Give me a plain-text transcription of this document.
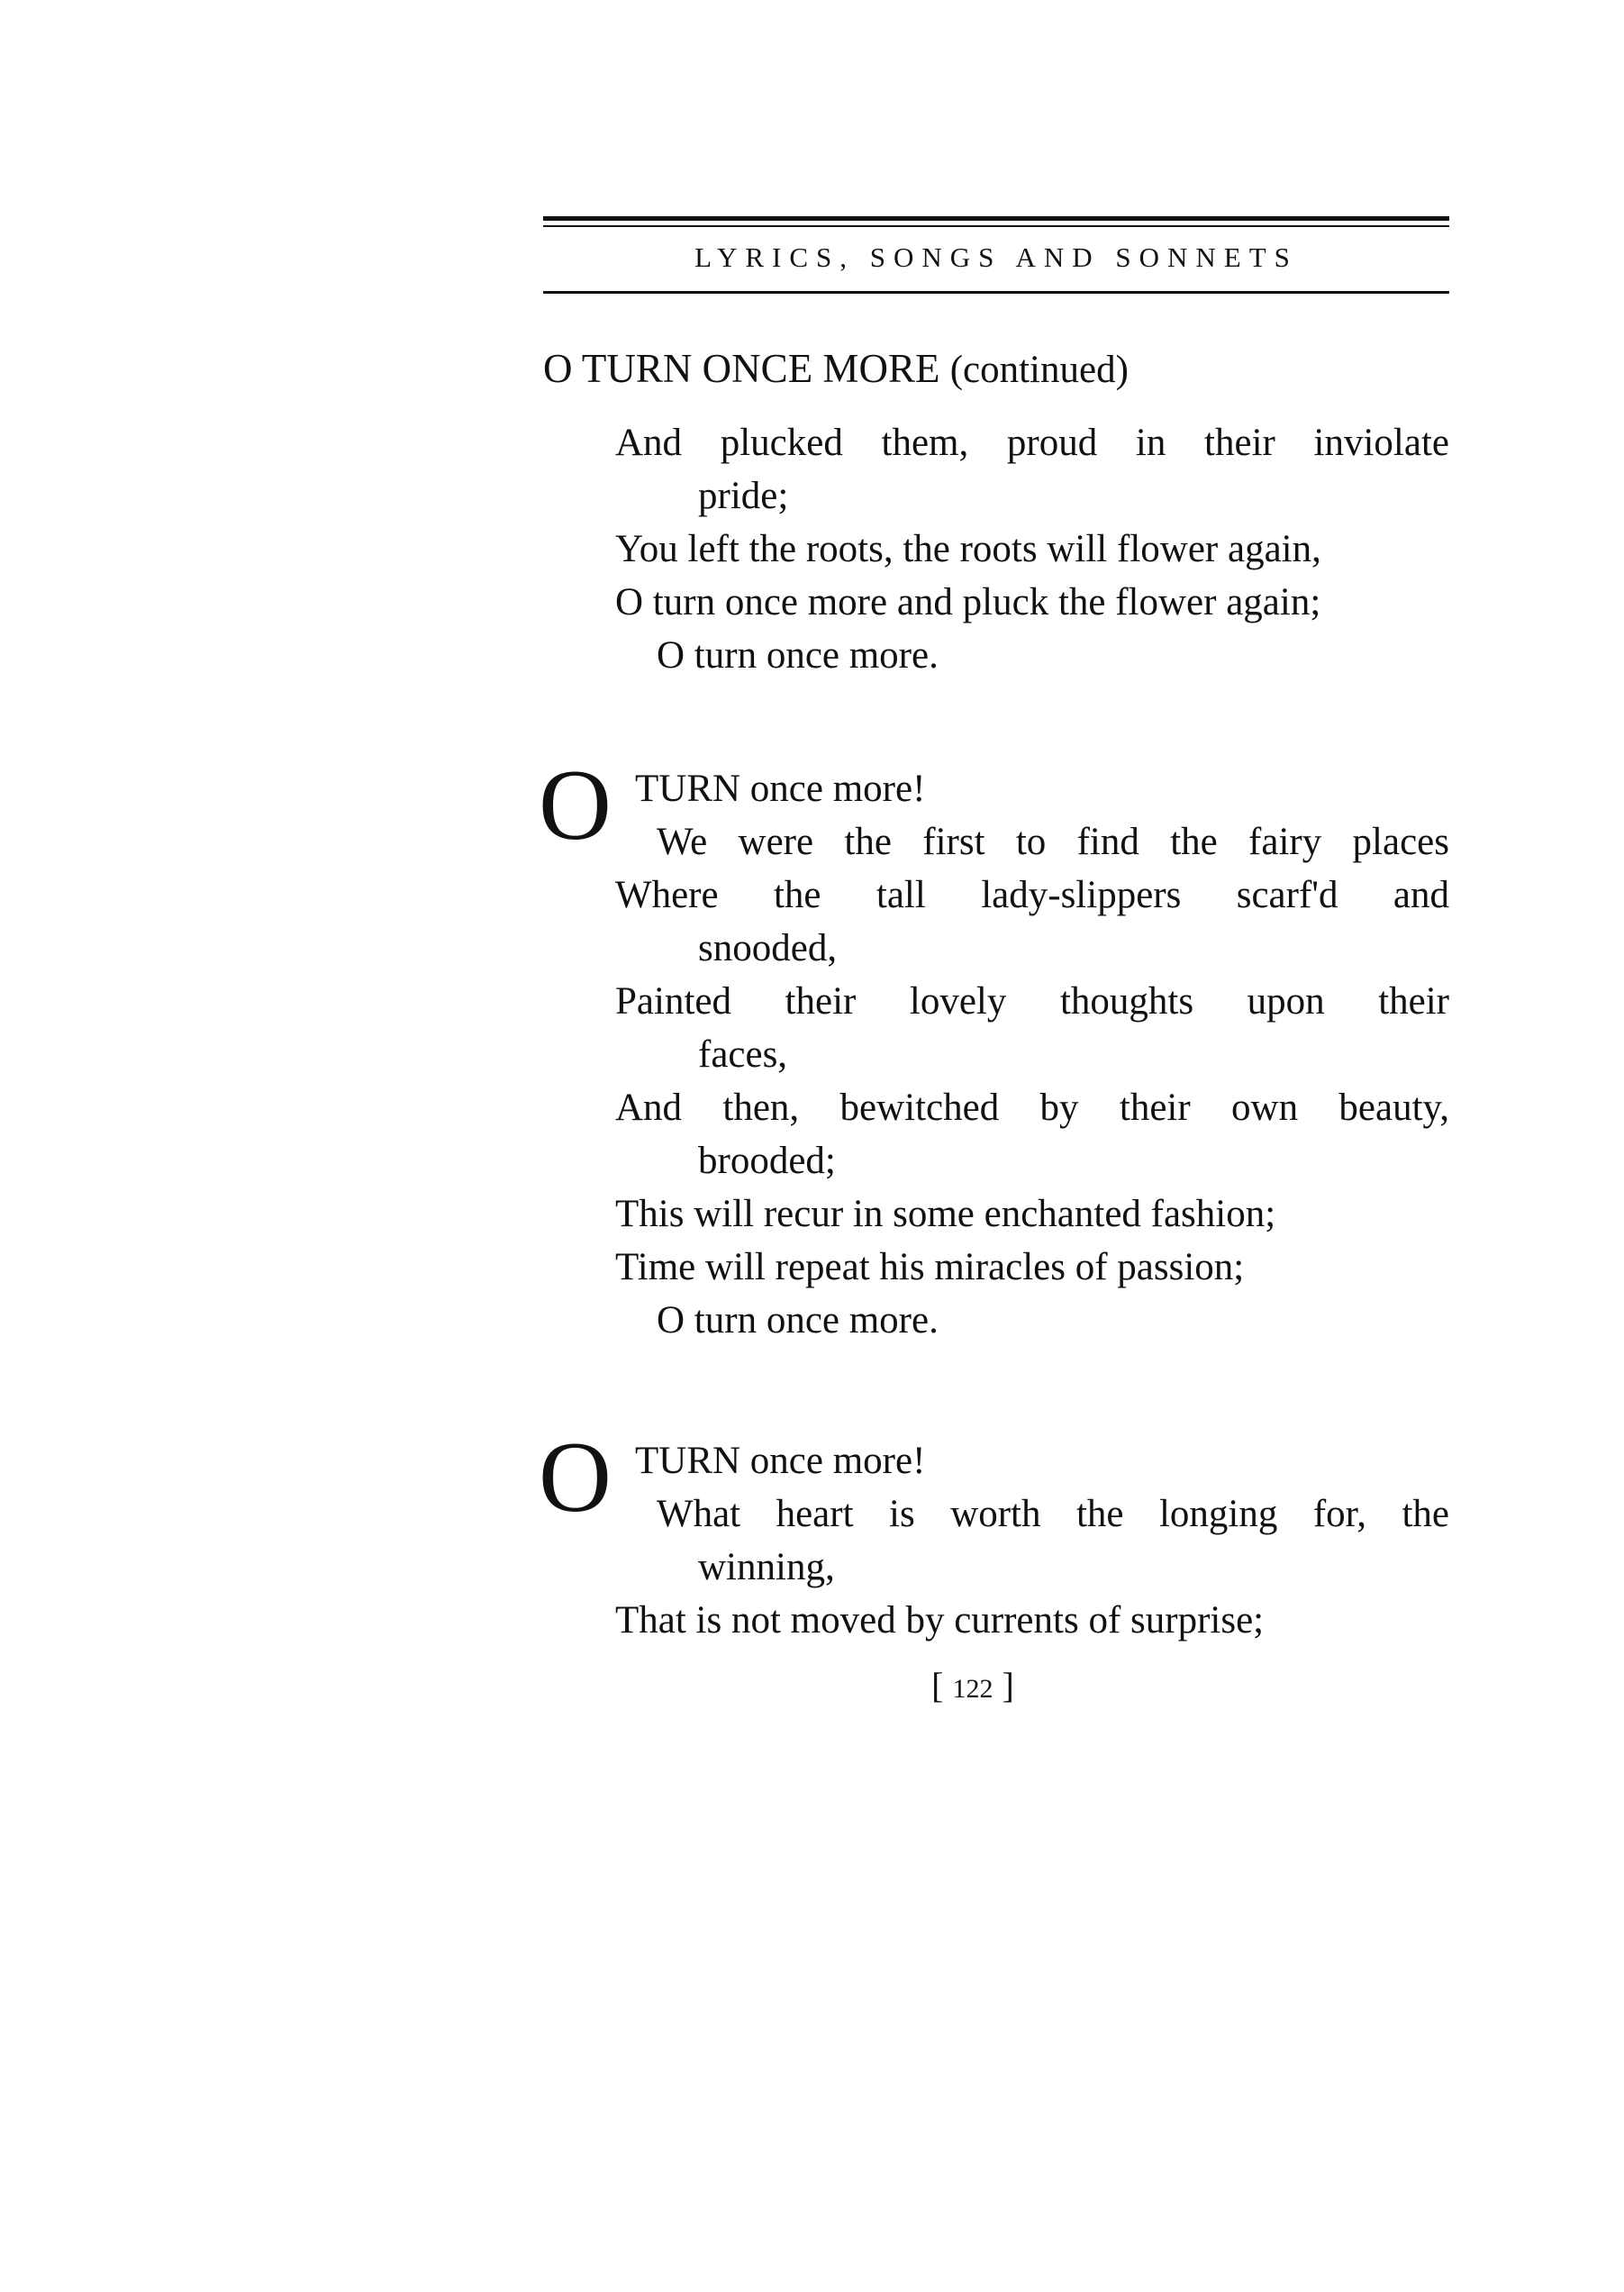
LYRICS, SONGS AND SONNETS
O TURN ONCE MORE (continued)
And plucked them, proud in their inviolate
pride;
You left the roots, the roots will flower again,
O turn once more and pluck the flower again;
O turn once more.
O TURN once more!
We were the first to find the fairy places
Where the tall lady-slippers scarf'd and
snooded,
Painted their lovely thoughts upon their
faces,
And then, bewitched by their own beauty,
brooded;
This will recur in some enchanted fashion;
Time will repeat his miracles of passion;
O turn once more.
O TURN once more!
What heart is worth the longing for, the
winning,
That is not moved by currents of surprise;
[ 122 ]
